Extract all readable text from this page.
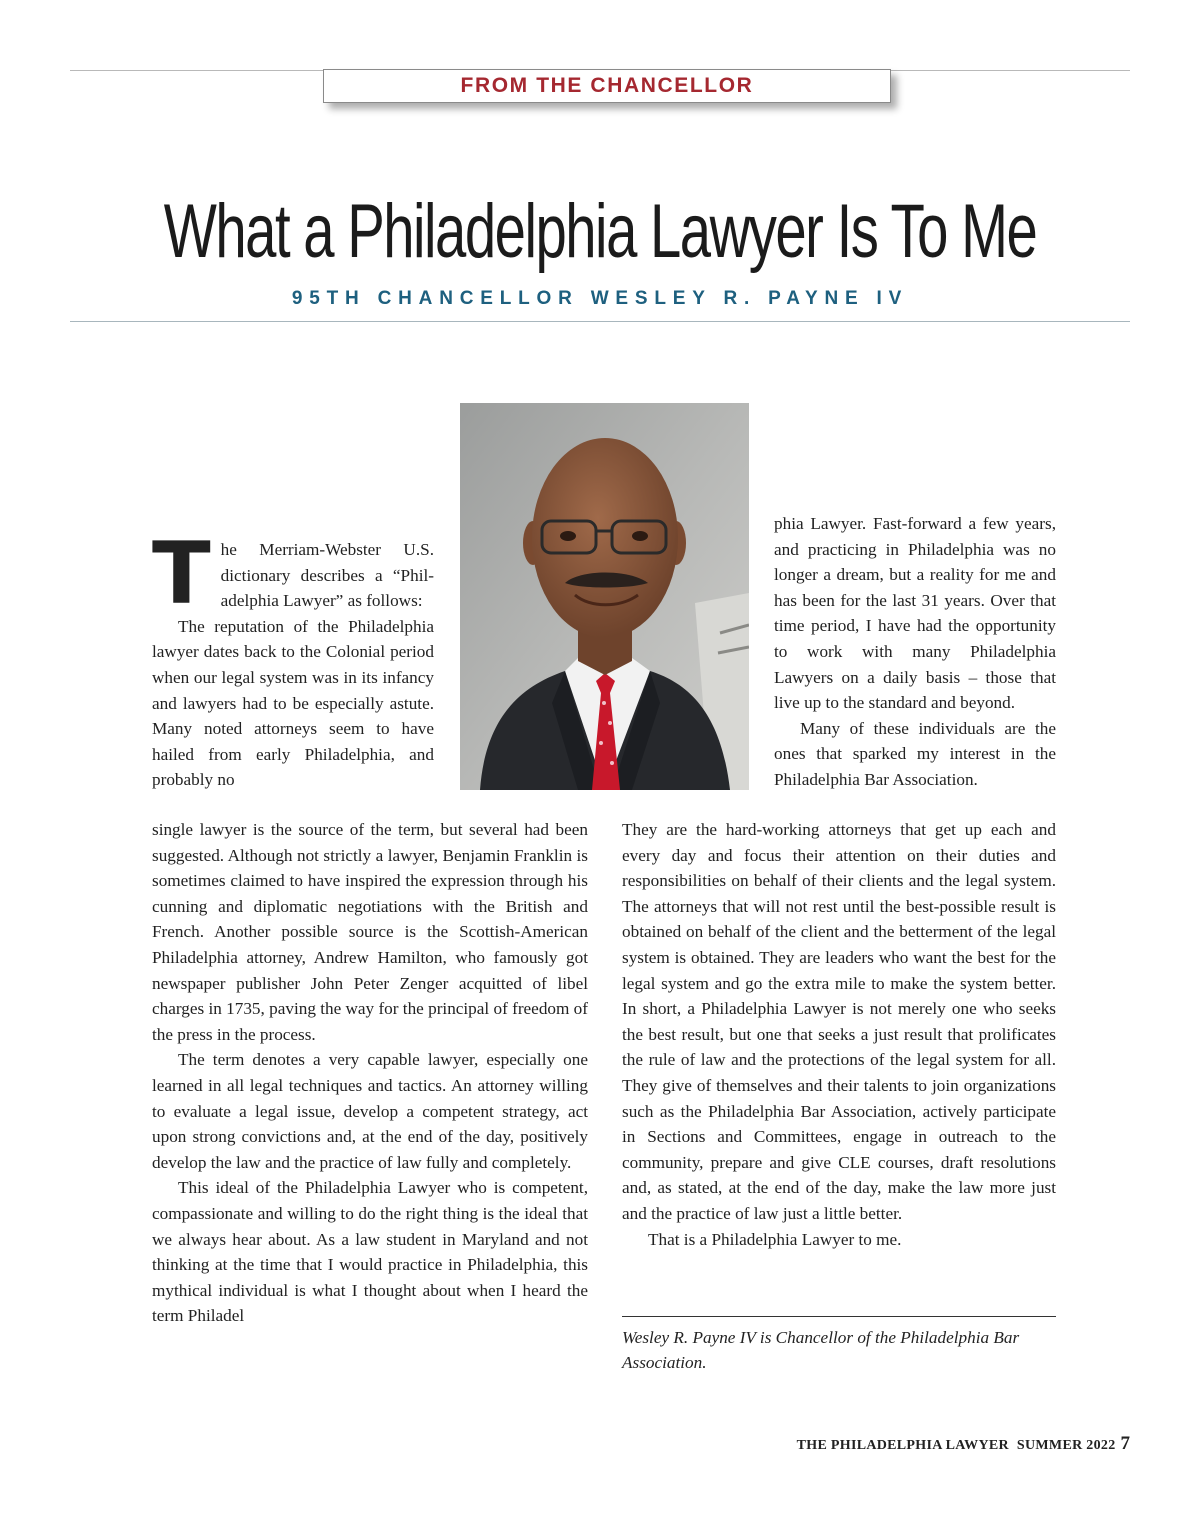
FROM THE CHANCELLOR
What a Philadelphia Lawyer Is To Me
95TH CHANCELLOR WESLEY R. PAYNE IV

The Merriam-Webster U.S. dictionary describes a “Philadelphia Lawyer” as follows:

The reputation of the Philadelphia lawyer dates back to the Colonial period when our legal system was in its infancy and lawyers had to be especially astute. Many noted attorneys seem to have hailed from early Philadelphia, and probably no

single lawyer is the source of the term, but several had been suggested. Although not strictly a lawyer, Benjamin Franklin is sometimes claimed to have inspired the expression through his cunning and diplomatic negotiations with the British and French. Another possible source is the Scottish-American Philadelphia attorney, Andrew Hamilton, who famously got newspaper publisher John Peter Zenger acquitted of libel charges in 1735, paving the way for the principal of freedom of the press in the process.

The term denotes a very capable lawyer, especially one learned in all legal techniques and tactics. An attorney willing to evaluate a legal issue, develop a competent strategy, act upon strong convictions and, at the end of the day, positively develop the law and the practice of law fully and completely.

This ideal of the Philadelphia Lawyer who is competent, compassionate and willing to do the right thing is the ideal that we always hear about. As a law student in Maryland and not thinking at the time that I would practice in Philadelphia, this mythical individual is what I thought about when I heard the term Philadel

phia Lawyer. Fast-forward a few years, and practicing in Philadelphia was no longer a dream, but a reality for me and has been for the last 31 years. Over that time period, I have had the opportunity to work with many Philadelphia Lawyers on a daily basis – those that live up to the standard and beyond.

Many of these individuals are the ones that sparked my interest in the Philadelphia Bar Association.

They are the hard-working attorneys that get up each and every day and focus their attention on their duties and responsibilities on behalf of their clients and the legal system. The attorneys that will not rest until the best-possible result is obtained on behalf of the client and the betterment of the legal system is obtained. They are leaders who want the best for the legal system and go the extra mile to make the system better. In short, a Philadelphia Lawyer is not merely one who seeks the best result, but one that seeks a just result that prolificates the rule of law and the protections of the legal system for all. They give of themselves and their talents to join organizations such as the Philadelphia Bar Association, actively participate in Sections and Committees, engage in outreach to the community, prepare and give CLE courses, draft resolutions and, as stated, at the end of the day, make the law more just and the practice of law just a little better.

That is a Philadelphia Lawyer to me.

Wesley R. Payne IV is Chancellor of the Philadelphia Bar Association.
THE PHILADELPHIA LAWYER SUMMER 2022 7
